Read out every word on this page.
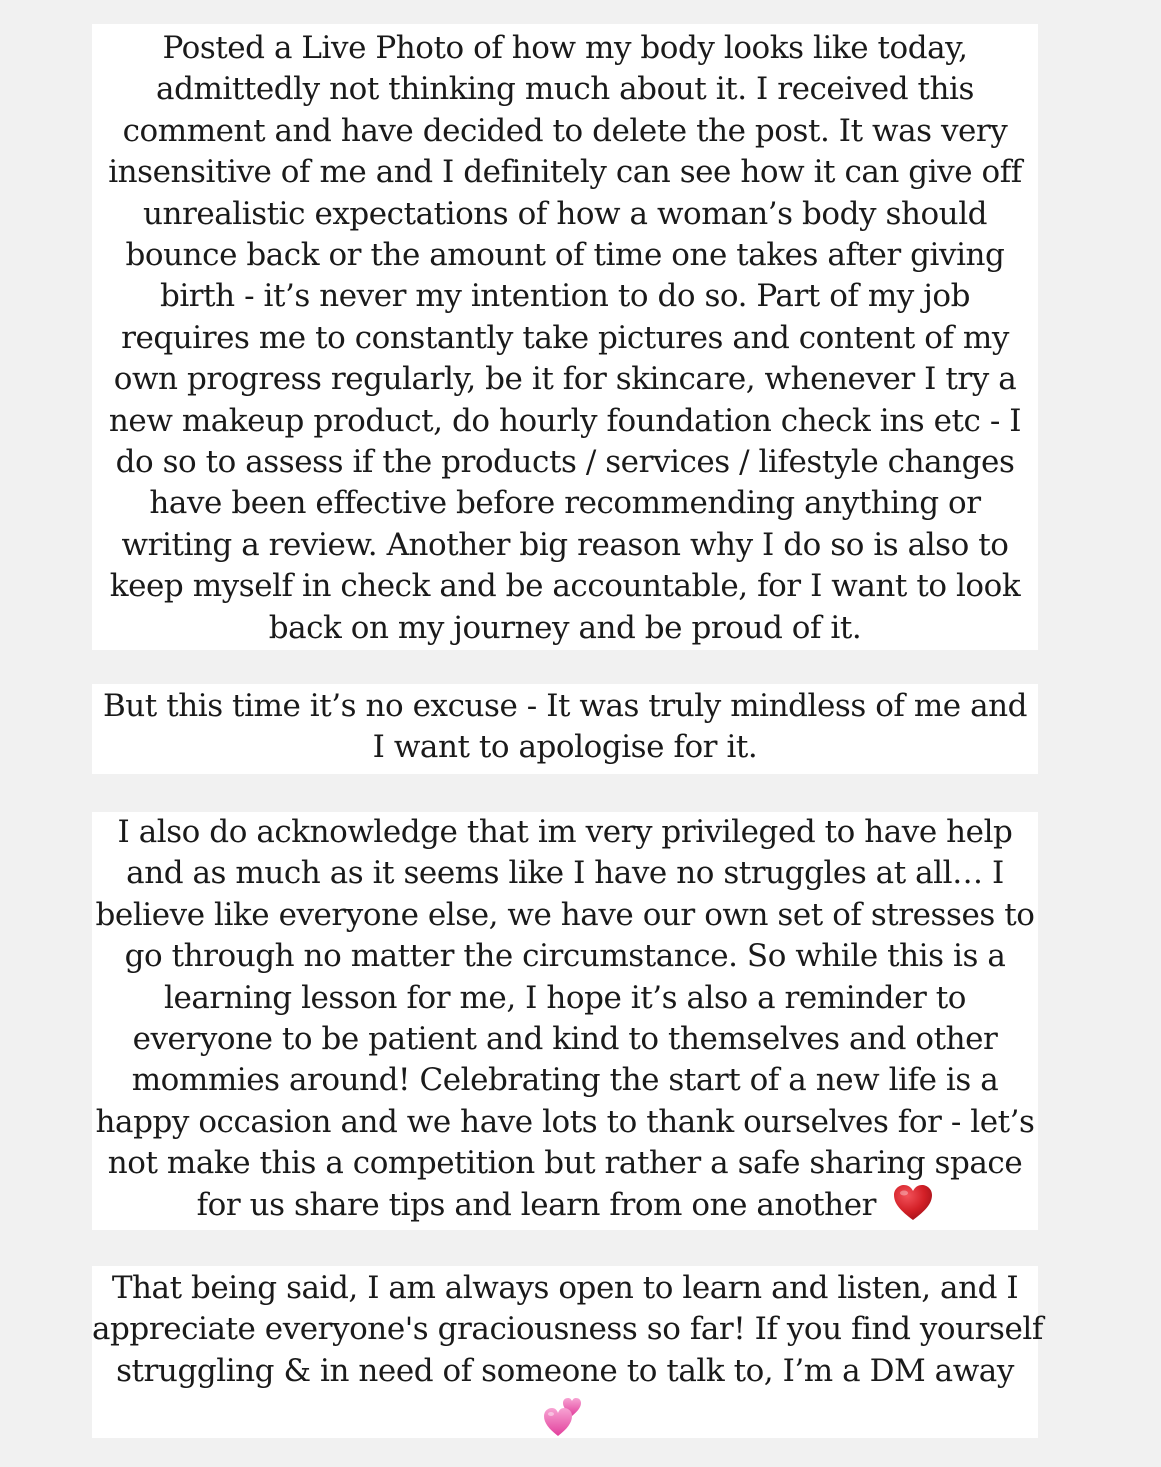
Posted a Live Photo of how my body looks like today,
admittedly not thinking much about it. I received this
comment and have decided to delete the post. It was very
insensitive of me and I definitely can see how it can give off
unrealistic expectations of how a woman’s body should
bounce back or the amount of time one takes after giving
birth - it’s never my intention to do so. Part of my job
requires me to constantly take pictures and content of my
own progress regularly, be it for skincare, whenever I try a
new makeup product, do hourly foundation check ins etc - I
do so to assess if the products / services / lifestyle changes
have been effective before recommending anything or
writing a review. Another big reason why I do so is also to
keep myself in check and be accountable, for I want to look
back on my journey and be proud of it.

But this time it’s no excuse - It was truly mindless of me and
I want to apologise for it.

I also do acknowledge that im very privileged to have help
and as much as it seems like I have no struggles at all… I
believe like everyone else, we have our own set of stresses to
go through no matter the circumstance. So while this is a
learning lesson for me, I hope it’s also a reminder to
everyone to be patient and kind to themselves and other
mommies around! Celebrating the start of a new life is a
happy occasion and we have lots to thank ourselves for - let’s
not make this a competition but rather a safe sharing space
for us share tips and learn from one another

That being said, I am always open to learn and listen, and I
appreciate everyone's graciousness so far! If you find yourself
struggling & in need of someone to talk to, I’m a DM away
